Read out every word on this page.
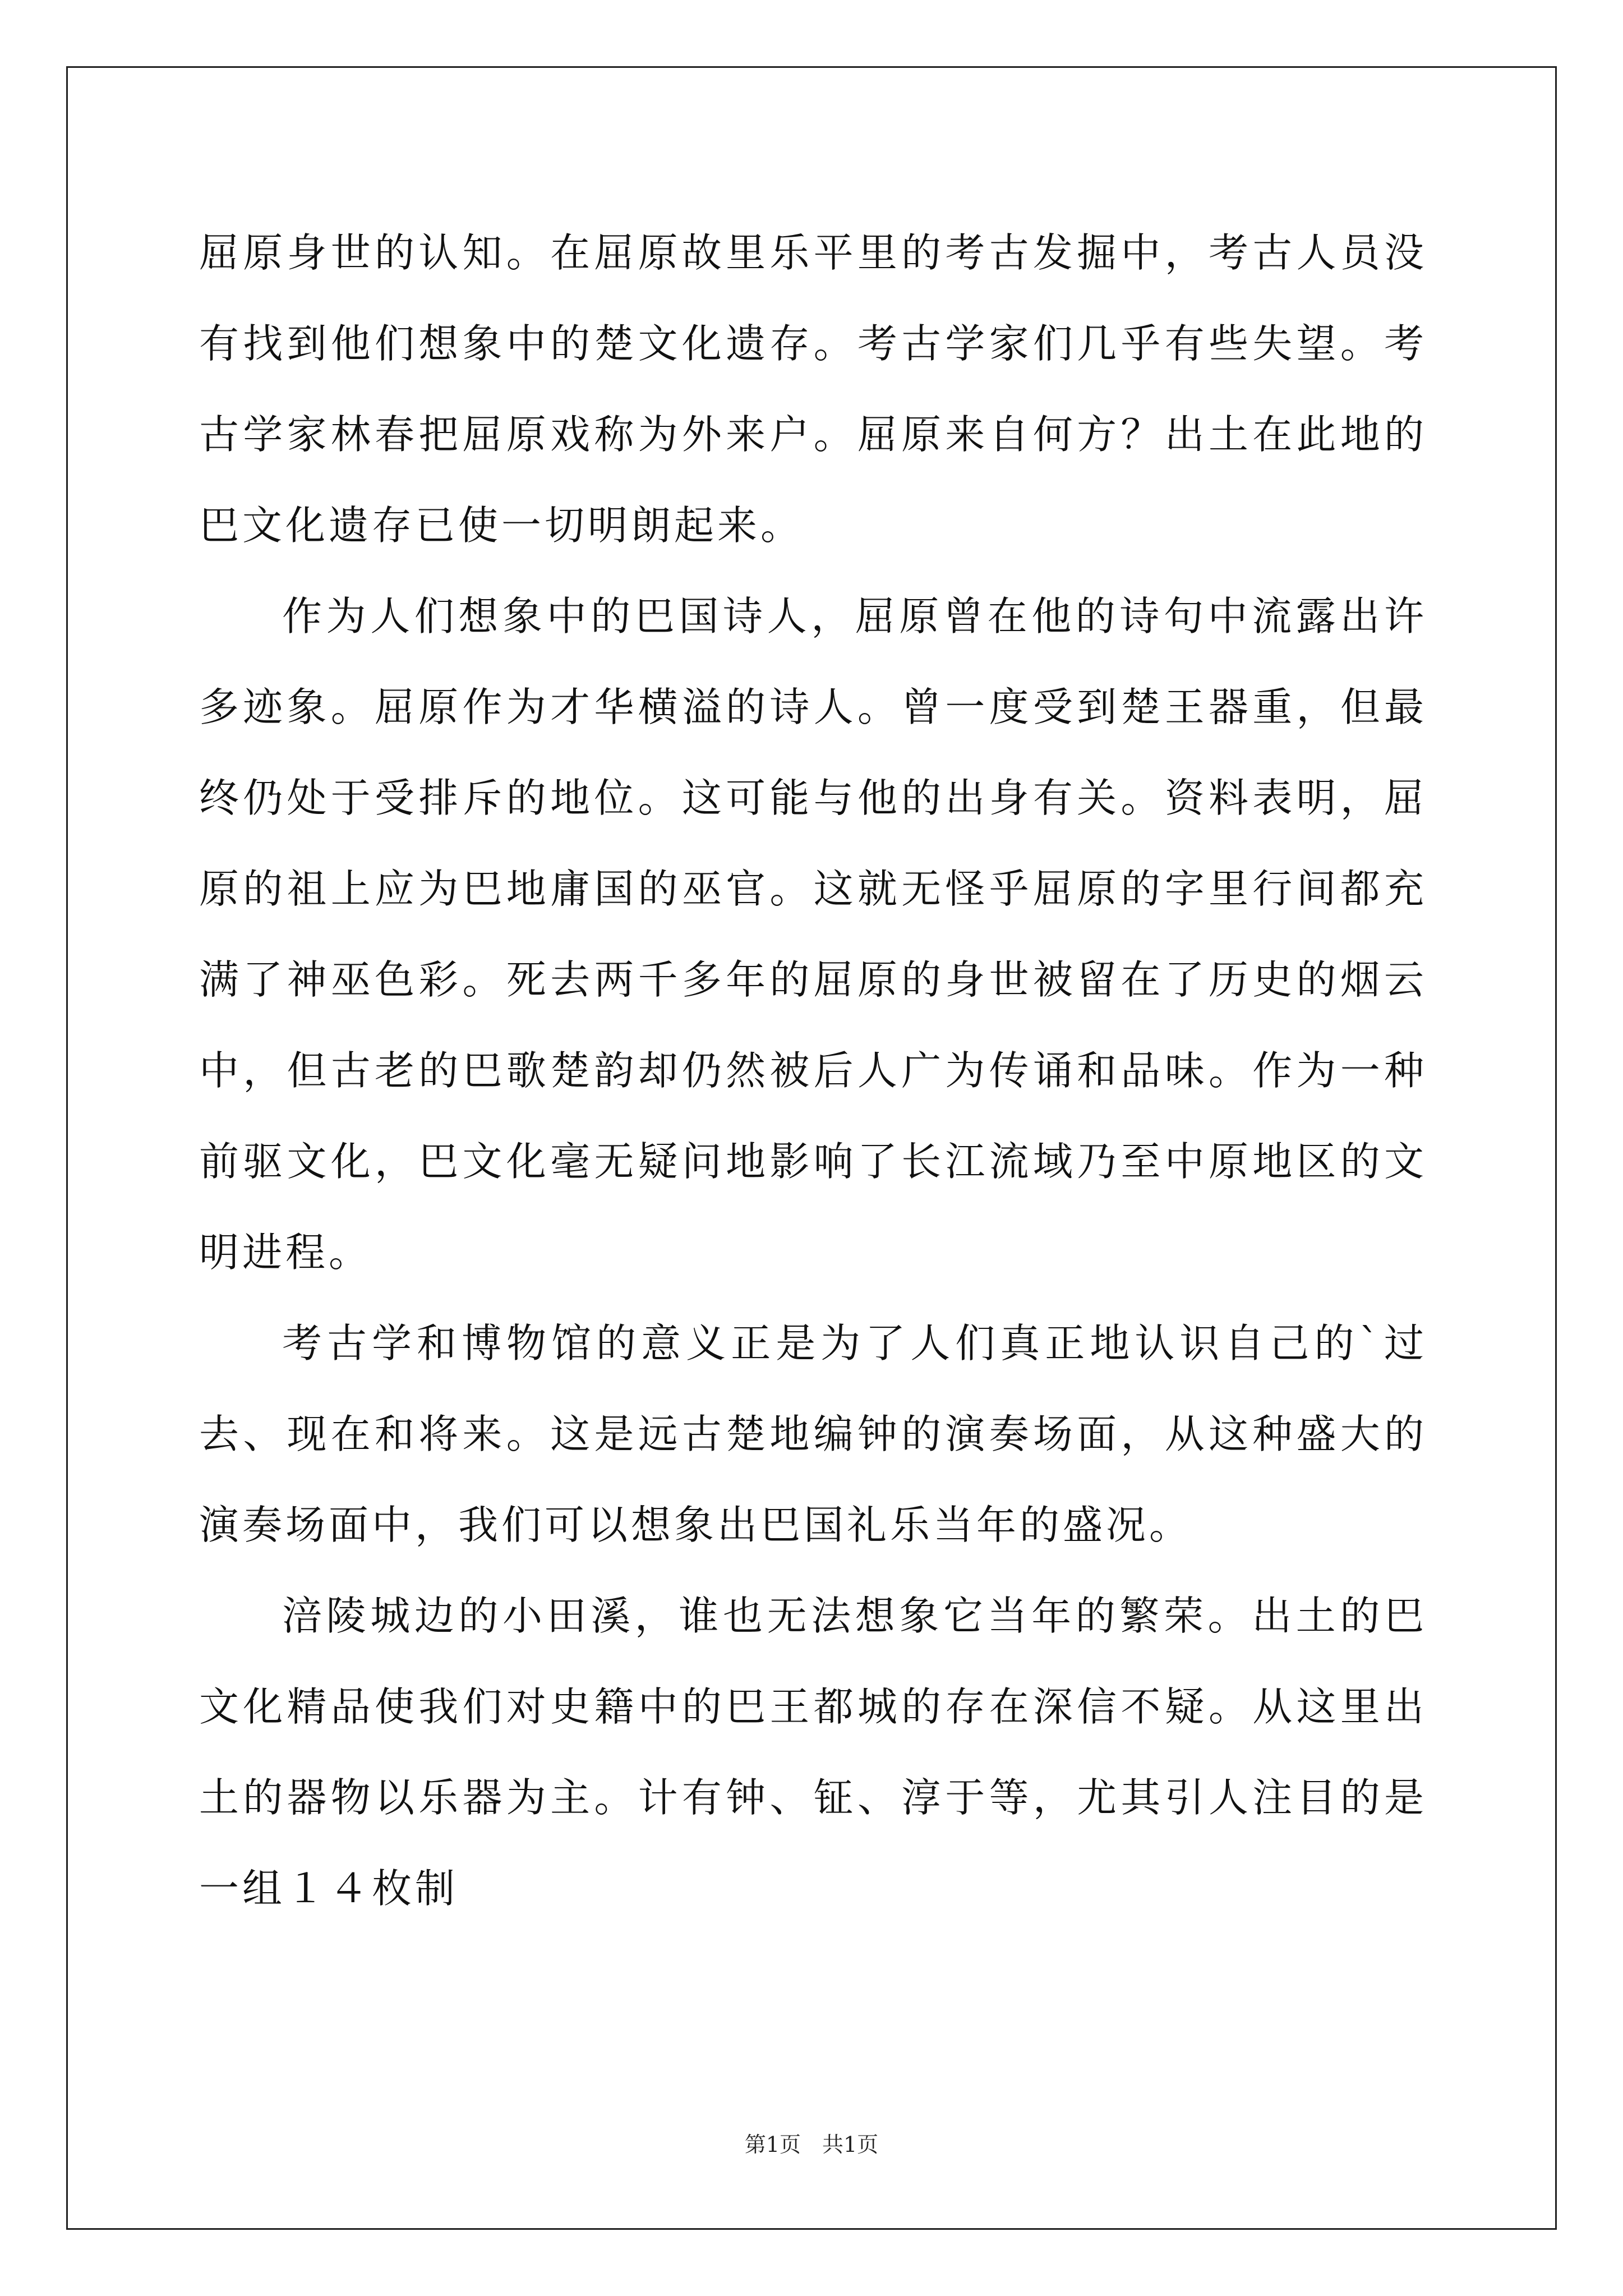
屈原身世的认知。在屈原故里乐平里的考古发掘中，考古人员没有找到他们想象中的楚文化遗存。考古学家们几乎有些失望。考古学家林春把屈原戏称为外来户。屈原来自何方？出土在此地的巴文化遗存已使一切明朗起来。

作为人们想象中的巴国诗人，屈原曾在他的诗句中流露出许多迹象。屈原作为才华横溢的诗人。曾一度受到楚王器重，但最终仍处于受排斥的地位。这可能与他的出身有关。资料表明，屈原的祖上应为巴地庸国的巫官。这就无怪乎屈原的字里行间都充满了神巫色彩。死去两千多年的屈原的身世被留在了历史的烟云中，但古老的巴歌楚韵却仍然被后人广为传诵和品味。作为一种前驱文化，巴文化毫无疑问地影响了长江流域乃至中原地区的文明进程。

考古学和博物馆的意义正是为了人们真正地认识自己的`过去、现在和将来。这是远古楚地编钟的演奏场面，从这种盛大的演奏场面中，我们可以想象出巴国礼乐当年的盛况。

涪陵城边的小田溪，谁也无法想象它当年的繁荣。出土的巴文化精品使我们对史籍中的巴王都城的存在深信不疑。从这里出土的器物以乐器为主。计有钟、钲、淳于等，尤其引人注目的是一组１４枚制

第1页　共1页
